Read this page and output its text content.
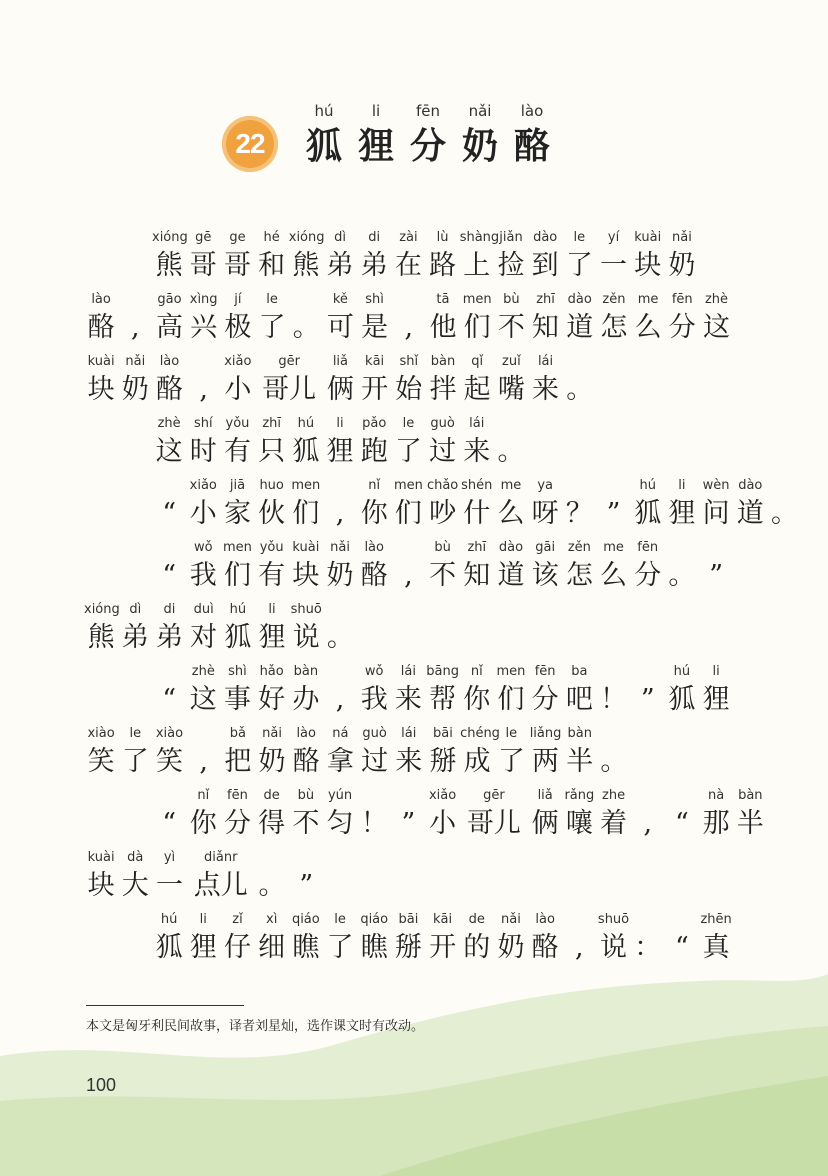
22
hú
狐
li
狸
fēn
分
nǎi
奶
lào
酪
xióng
熊
gē
哥
ge
哥
hé
和
xióng
熊
dì
弟
di
弟
zài
在
lù
路
shàng
上
jiǎn
捡
dào
到
le
了
yí
一
kuài
块
nǎi
奶
lào
酪 ,
gāo
高
xìng
兴
jí
极
le
了 。
kě
可
shì
是 ,
tā
他
men
们
bù
不
zhī
知
dào
道
zěn
怎
me
么
fēn
分
zhè
这
kuài
块
nǎi
奶
lào
酪 ,
xiǎo
小
gēr
哥儿
liǎ
俩
kāi
开
shǐ
始
bàn
拌
qǐ
起
zuǐ
嘴
lái
来 。
zhè
这
shí
时
yǒu
有
zhī
只
hú
狐
li
狸
pǎo
跑
le
了
guò
过
lái
来 。
“
xiǎo
小
jiā
家
huo
伙
men
们 ,
nǐ
你
men
们
chǎo
吵
shén
什
me
么
ya
呀 ？ ”
hú
狐
li
狸
wèn
问
dào
道 。
“
wǒ
我
men
们
yǒu
有
kuài
块
nǎi
奶
lào
酪 ,
bù
不
zhī
知
dào
道
gāi
该
zěn
怎
me
么
fēn
分 。 ”
xióng
熊
dì
弟
di
弟
duì
对
hú
狐
li
狸
shuō
说 。
“
zhè
这
shì
事
hǎo
好
bàn
办 ,
wǒ
我
lái
来
bāng
帮
nǐ
你
men
们
fēn
分
ba
吧 ！ ”
hú
狐
li
狸
xiào
笑
le
了
xiào
笑 ,
bǎ
把
nǎi
奶
lào
酪
ná
拿
guò
过
lái
来
bāi
掰
chéng
成
le
了
liǎng
两
bàn
半 。
“
nǐ
你
fēn
分
de
得
bù
不
yún
匀 ！ ”
xiǎo
小
gēr
哥儿
liǎ
俩
rǎng
嚷
zhe
着 , “
nà
那
bàn
半
kuài
块
dà
大
yì
一
diǎnr
点儿 。 ”
hú
狐
li
狸
zǐ
仔
xì
细
qiáo
瞧
le
了
qiáo
瞧
bāi
掰
kāi
开
de
的
nǎi
奶
lào
酪 ,
shuō
说 ： “
zhēn
真
本文是匈牙利民间故事，译者刘星灿，选作课文时有改动。
100
